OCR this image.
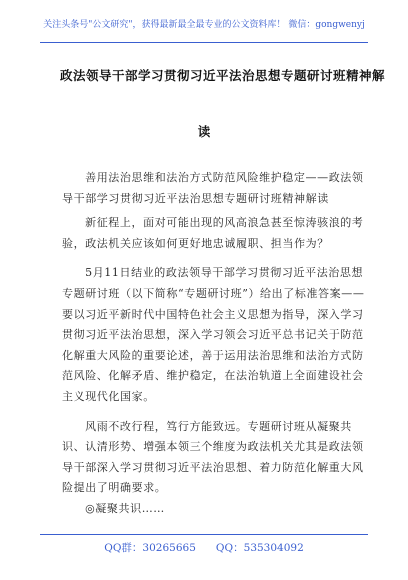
关注头条号"公文研究"，获得最新最全最专业的公文资料库！ 微信：gongwenyj
政法领导干部学习贯彻习近平法治思想专题研讨班精神解
读

善用法治思维和法治方式防范风险维护稳定——政法领导干部学习贯彻习近平法治思想专题研讨班精神解读

新征程上，面对可能出现的风高浪急甚至惊涛骇浪的考验，政法机关应该如何更好地忠诚履职、担当作为？

5月11日结业的政法领导干部学习贯彻习近平法治思想专题研讨班（以下简称“专题研讨班”）给出了标准答案——要以习近平新时代中国特色社会主义思想为指导，深入学习贯彻习近平法治思想，深入学习领会习近平总书记关于防范化解重大风险的重要论述，善于运用法治思维和法治方式防范风险、化解矛盾、维护稳定，在法治轨道上全面建设社会主义现代化国家。

风雨不改行程，笃行方能致远。专题研讨班从凝聚共识、认清形势、增强本领三个维度为政法机关尤其是政法领导干部深入学习贯彻习近平法治思想、着力防范化解重大风险提出了明确要求。

◎凝聚共识……

QQ群：30265665 QQ：535304092
